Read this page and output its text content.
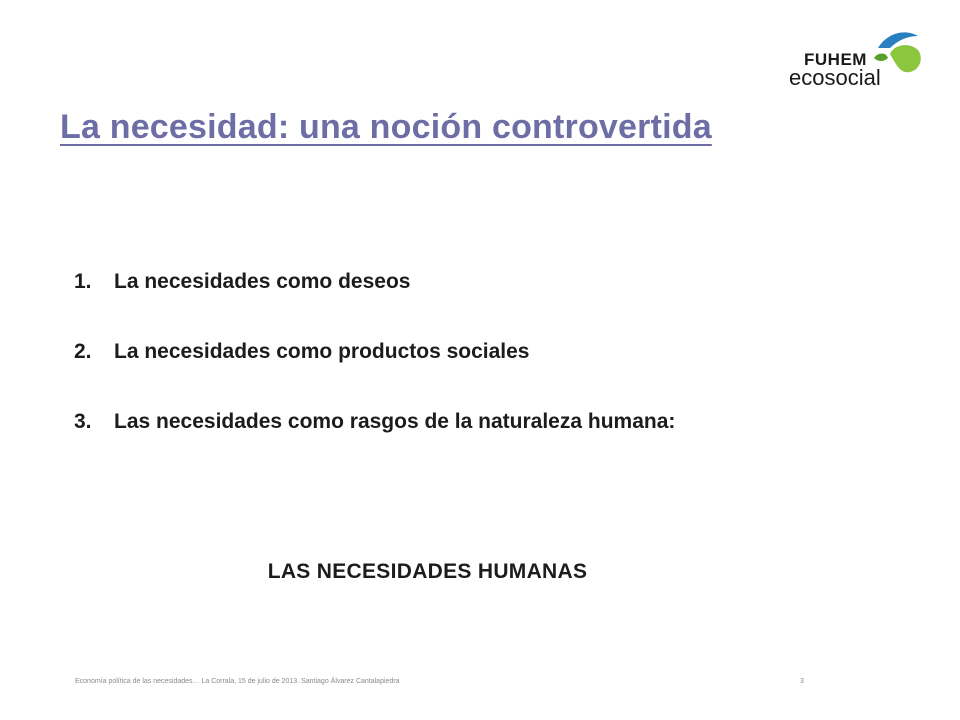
FUHEM
ecosocial
La necesidad: una noción controvertida
1. La necesidades como deseos
2. La necesidades como productos sociales
3. Las necesidades como rasgos de la naturaleza humana:
LAS NECESIDADES HUMANAS
Economía política de las necesidades… La Corrala, 15 de julio de 2013. Santiago Álvarez Cantalapiedra	3
